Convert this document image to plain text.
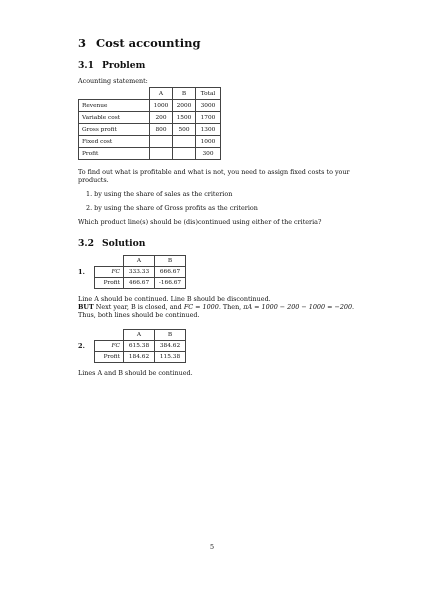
3 Cost accounting
3.1 Problem
Acounting statement:
	A	B	Total
Revenue	1000	2000	3000
Variable cost	200	1500	1700
Gross profit	800	500	1300
Fixed cost			1000
Profit			300
To find out what is profitable and what is not, you need to assign fixed costs to your products.
1. by using the share of sales as the criterion
2. by using the share of Gross profits as the criterion
Which product line(s) should be (dis)continued using either of the criteria?
3.2 Solution
1.
	A	B
FC	333.33	666.67
Profit	466.67	-166.67
Line A should be continued. Line B should be discontinued.
BUT Next year, B is closed, and FC = 1000. Then, πA = 1000 − 200 − 1000 = −200.
Thus, both lines should be continued.
2.
	A	B
FC	615.38	384.62
Profit	184.62	115.38
Lines A and B should be continued.
5
